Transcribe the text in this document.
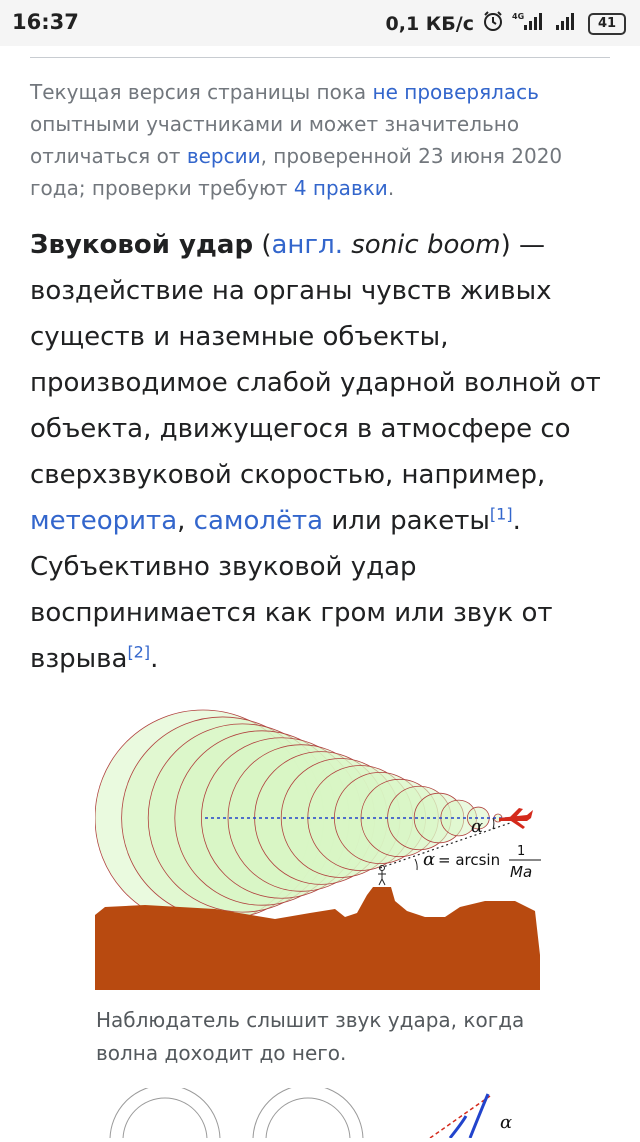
16:37	0,1 КБ/с	4G	41
Текущая версия страницы пока не проверялась опытными участниками и может значительно отличаться от версии, проверенной 23 июня 2020 года; проверки требуют 4 правки.
Звуковой удар (англ. sonic boom) — воздействие на органы чувств живых существ и наземные объекты, производимое слабой ударной волной от объекта, движущегося в атмосфере со сверхзвуковой скоростью, например, метеорита, самолёта или ракеты[1]. Субъективно звуковой удар воспринимается как гром или звук от взрыва[2].
α
α = arcsin 1
Ma
Наблюдатель слышит звук удара, когда волна доходит до него.
α
